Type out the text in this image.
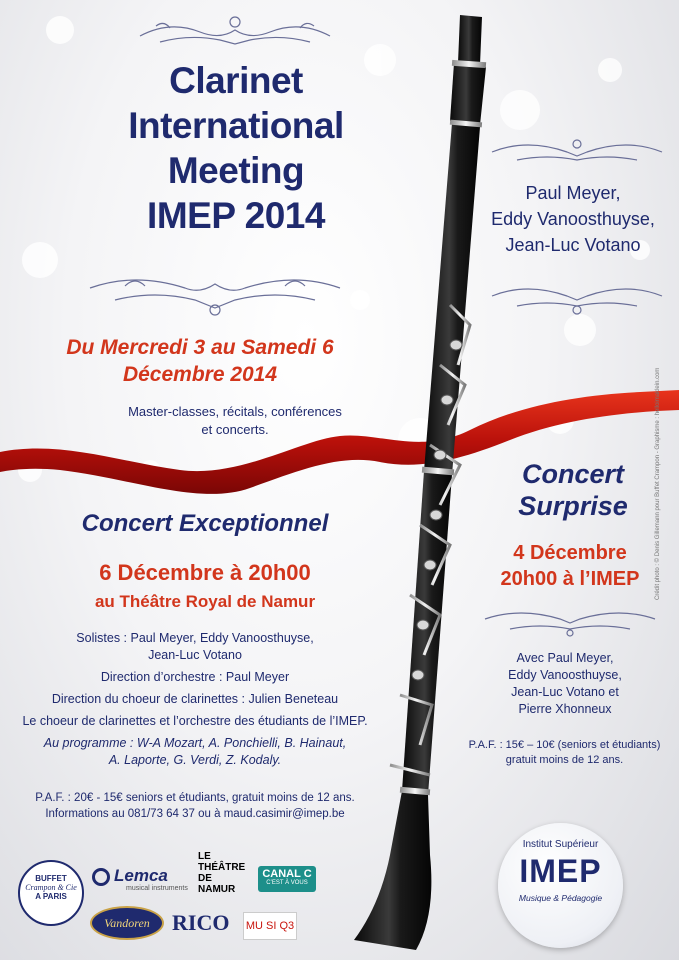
Clarinet
International
Meeting
IMEP 2014
Paul Meyer,
Eddy Vanoosthuyse,
Jean-Luc Votano
Du Mercredi 3 au Samedi 6
Décembre 2014
Master-classes, récitals, conférences
et concerts.
Concert Exceptionnel
6 Décembre à 20h00
au Théâtre Royal de Namur

Solistes : Paul Meyer, Eddy Vanoosthuyse,
Jean-Luc Votano

Direction d’orchestre : Paul Meyer

Direction du choeur de clarinettes : Julien Beneteau

Le choeur de clarinettes et l’orchestre des étudiants de l’IMEP.

Au programme : W-A Mozart, A. Ponchielli, B. Hainaut,
A. Laporte, G. Verdi, Z. Kodaly.

P.A.F. : 20€ - 15€ seniors et étudiants, gratuit moins de 12 ans.
Informations au 081/73 64 37 ou à maud.casimir@imep.be
Concert
Surprise
4 Décembre
20h00 à l’IMEP
Avec Paul Meyer,
Eddy Vanoosthuyse,
Jean-Luc Votano et
Pierre Xhonneux
P.A.F. : 15€ – 10€ (seniors et étudiants)
gratuit moins de 12 ans.
Crédit photo : © Denis Gillemann pour Buffet Crampon - Graphisme : helloimaklein.com
Institut Supérieur
IMEP
Musique & Pédagogie
BUFFET
Crampon & Cie
A PARIS
Lemca
musical instruments
LE
THÉÂTRE
DE
NAMUR
CANAL C
C’EST À VOUS
Vandoren	RICO MU SI Q3
